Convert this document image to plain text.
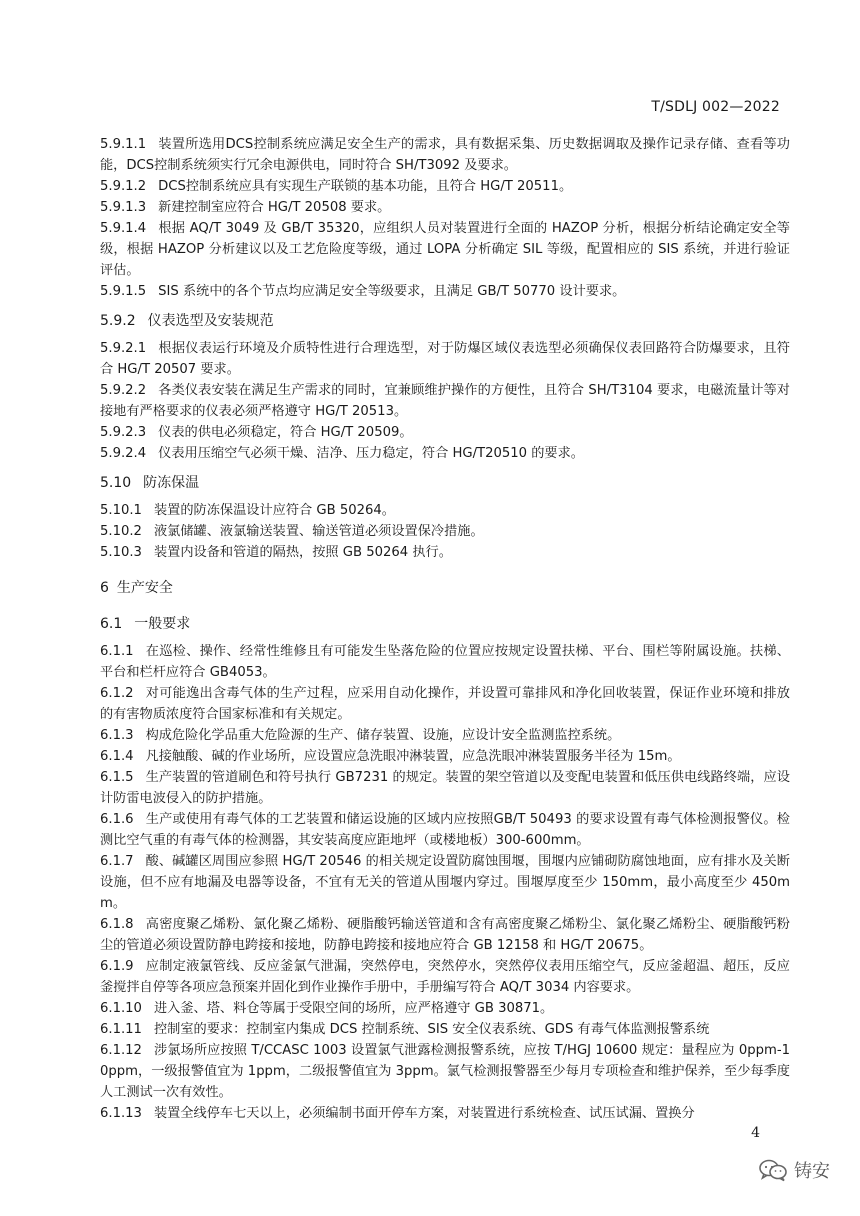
T/SDLJ 002—2022
5.9.1.1 装置所选用DCS控制系统应满足安全生产的需求，具有数据采集、历史数据调取及操作记录存储、查看等功能，DCS控制系统须实行冗余电源供电，同时符合 SH/T3092 及要求。
5.9.1.2 DCS控制系统应具有实现生产联锁的基本功能，且符合 HG/T 20511。
5.9.1.3 新建控制室应符合 HG/T 20508 要求。
5.9.1.4 根据 AQ/T 3049 及 GB/T 35320，应组织人员对装置进行全面的 HAZOP 分析，根据分析结论确定安全等级，根据 HAZOP 分析建议以及工艺危险度等级，通过 LOPA 分析确定 SIL 等级，配置相应的 SIS 系统，并进行验证评估。
5.9.1.5 SIS 系统中的各个节点均应满足安全等级要求，且满足 GB/T 50770 设计要求。
5.9.2 仪表选型及安装规范
5.9.2.1 根据仪表运行环境及介质特性进行合理选型，对于防爆区域仪表选型必须确保仪表回路符合防爆要求，且符合 HG/T 20507 要求。
5.9.2.2 各类仪表安装在满足生产需求的同时，宜兼顾维护操作的方便性，且符合 SH/T3104 要求，电磁流量计等对接地有严格要求的仪表必须严格遵守 HG/T 20513。
5.9.2.3 仪表的供电必须稳定，符合 HG/T 20509。
5.9.2.4 仪表用压缩空气必须干燥、洁净、压力稳定，符合 HG/T20510 的要求。
5.10 防冻保温
5.10.1 装置的防冻保温设计应符合 GB 50264。
5.10.2 液氯储罐、液氯输送装置、输送管道必须设置保冷措施。
5.10.3 装置内设备和管道的隔热，按照 GB 50264 执行。
6 生产安全
6.1 一般要求
6.1.1 在巡检、操作、经常性维修且有可能发生坠落危险的位置应按规定设置扶梯、平台、围栏等附属设施。扶梯、平台和栏杆应符合 GB4053。
6.1.2 对可能逸出含毒气体的生产过程，应采用自动化操作，并设置可靠排风和净化回收装置，保证作业环境和排放的有害物质浓度符合国家标准和有关规定。
6.1.3 构成危险化学品重大危险源的生产、储存装置、设施，应设计安全监测监控系统。
6.1.4 凡接触酸、碱的作业场所，应设置应急洗眼冲淋装置，应急洗眼冲淋装置服务半径为 15m。
6.1.5 生产装置的管道刷色和符号执行 GB7231 的规定。装置的架空管道以及变配电装置和低压供电线路终端，应设计防雷电波侵入的防护措施。
6.1.6 生产或使用有毒气体的工艺装置和储运设施的区域内应按照GB/T 50493 的要求设置有毒气体检测报警仪。检测比空气重的有毒气体的检测器，其安装高度应距地坪（或楼地板）300-600mm。
6.1.7 酸、碱罐区周围应参照 HG/T 20546 的相关规定设置防腐蚀围堰，围堰内应铺砌防腐蚀地面，应有排水及关断设施，但不应有地漏及电器等设备，不宜有无关的管道从围堰内穿过。围堰厚度至少 150mm，最小高度至少 450mm。
6.1.8 高密度聚乙烯粉、氯化聚乙烯粉、硬脂酸钙输送管道和含有高密度聚乙烯粉尘、氯化聚乙烯粉尘、硬脂酸钙粉尘的管道必须设置防静电跨接和接地，防静电跨接和接地应符合 GB 12158 和 HG/T 20675。
6.1.9 应制定液氯管线、反应釜氯气泄漏，突然停电，突然停水，突然停仪表用压缩空气，反应釜超温、超压，反应釜搅拌自停等各项应急预案并固化到作业操作手册中，手册编写符合 AQ/T 3034 内容要求。
6.1.10 进入釜、塔、料仓等属于受限空间的场所，应严格遵守 GB 30871。
6.1.11 控制室的要求：控制室内集成 DCS 控制系统、SIS 安全仪表系统、GDS 有毒气体监测报警系统
6.1.12 涉氯场所应按照 T/CCASC 1003 设置氯气泄露检测报警系统，应按 T/HGJ 10600 规定：量程应为 0ppm-10ppm，一级报警值宜为 1ppm，二级报警值宜为 3ppm。氯气检测报警器至少每月专项检查和维护保养，至少每季度人工测试一次有效性。
6.1.13 装置全线停车七天以上，必须编制书面开停车方案，对装置进行系统检查、试压试漏、置换分
4
铸安
